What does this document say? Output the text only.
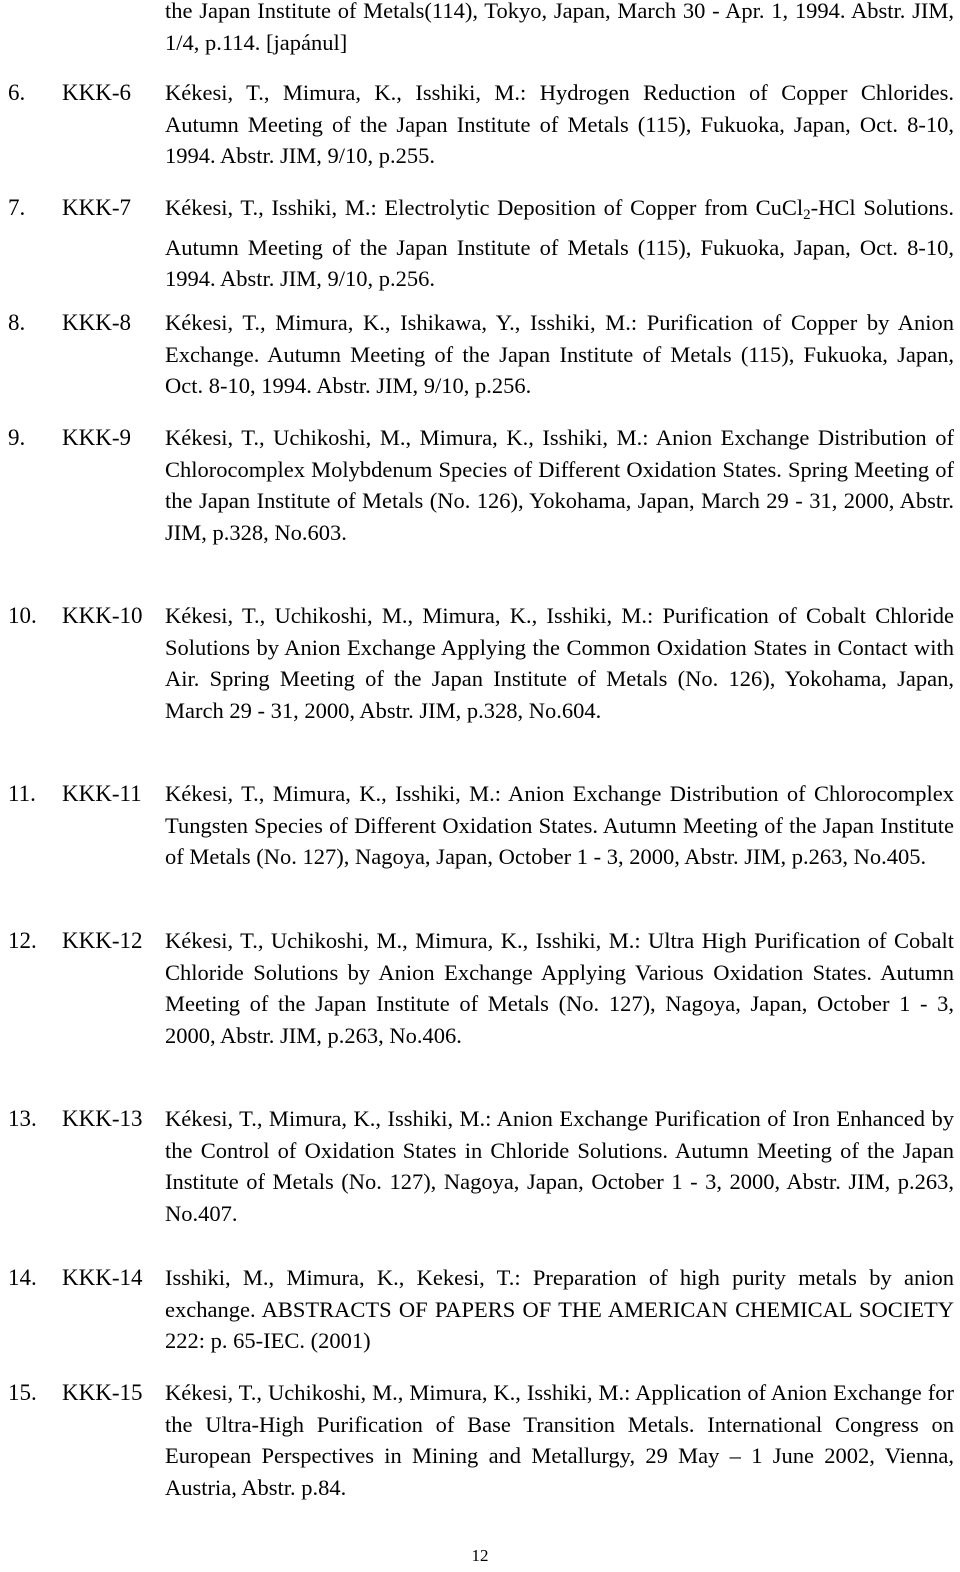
the Japan Institute of Metals(114), Tokyo, Japan, March 30 - Apr. 1, 1994. Abstr. JIM, 1/4, p.114. [japánul]
6. KKK-6 Kékesi, T., Mimura, K., Isshiki, M.: Hydrogen Reduction of Copper Chlorides. Autumn Meeting of the Japan Institute of Metals (115), Fukuoka, Japan, Oct. 8-10, 1994. Abstr. JIM, 9/10, p.255.
7. KKK-7 Kékesi, T., Isshiki, M.: Electrolytic Deposition of Copper from CuCl$_2$-HCl Solutions. Autumn Meeting of the Japan Institute of Metals (115), Fukuoka, Japan, Oct. 8-10, 1994. Abstr. JIM, 9/10, p.256.
8. KKK-8 Kékesi, T., Mimura, K., Ishikawa, Y., Isshiki, M.: Purification of Copper by Anion Exchange. Autumn Meeting of the Japan Institute of Metals (115), Fukuoka, Japan, Oct. 8-10, 1994. Abstr. JIM, 9/10, p.256.
9. KKK-9 Kékesi, T., Uchikoshi, M., Mimura, K., Isshiki, M.: Anion Exchange Distribution of Chlorocomplex Molybdenum Species of Different Oxidation States. Spring Meeting of the Japan Institute of Metals (No. 126), Yokohama, Japan, March 29 - 31, 2000, Abstr. JIM, p.328, No.603.
10. KKK-10 Kékesi, T., Uchikoshi, M., Mimura, K., Isshiki, M.: Purification of Cobalt Chloride Solutions by Anion Exchange Applying the Common Oxidation States in Contact with Air. Spring Meeting of the Japan Institute of Metals (No. 126), Yokohama, Japan, March 29 - 31, 2000, Abstr. JIM, p.328, No.604.
11. KKK-11 Kékesi, T., Mimura, K., Isshiki, M.: Anion Exchange Distribution of Chlorocomplex Tungsten Species of Different Oxidation States. Autumn Meeting of the Japan Institute of Metals (No. 127), Nagoya, Japan, October 1 - 3, 2000, Abstr. JIM, p.263, No.405.
12. KKK-12 Kékesi, T., Uchikoshi, M., Mimura, K., Isshiki, M.: Ultra High Purification of Cobalt Chloride Solutions by Anion Exchange Applying Various Oxidation States. Autumn Meeting of the Japan Institute of Metals (No. 127), Nagoya, Japan, October 1 - 3, 2000, Abstr. JIM, p.263, No.406.
13. KKK-13 Kékesi, T., Mimura, K., Isshiki, M.: Anion Exchange Purification of Iron Enhanced by the Control of Oxidation States in Chloride Solutions. Autumn Meeting of the Japan Institute of Metals (No. 127), Nagoya, Japan, October 1 - 3, 2000, Abstr. JIM, p.263, No.407.
14. KKK-14 Isshiki, M., Mimura, K., Kekesi, T.: Preparation of high purity metals by anion exchange. ABSTRACTS OF PAPERS OF THE AMERICAN CHEMICAL SOCIETY 222: p. 65-IEC. (2001)
15. KKK-15 Kékesi, T., Uchikoshi, M., Mimura, K., Isshiki, M.: Application of Anion Exchange for the Ultra-High Purification of Base Transition Metals. International Congress on European Perspectives in Mining and Metallurgy, 29 May – 1 June 2002, Vienna, Austria, Abstr. p.84.
12
